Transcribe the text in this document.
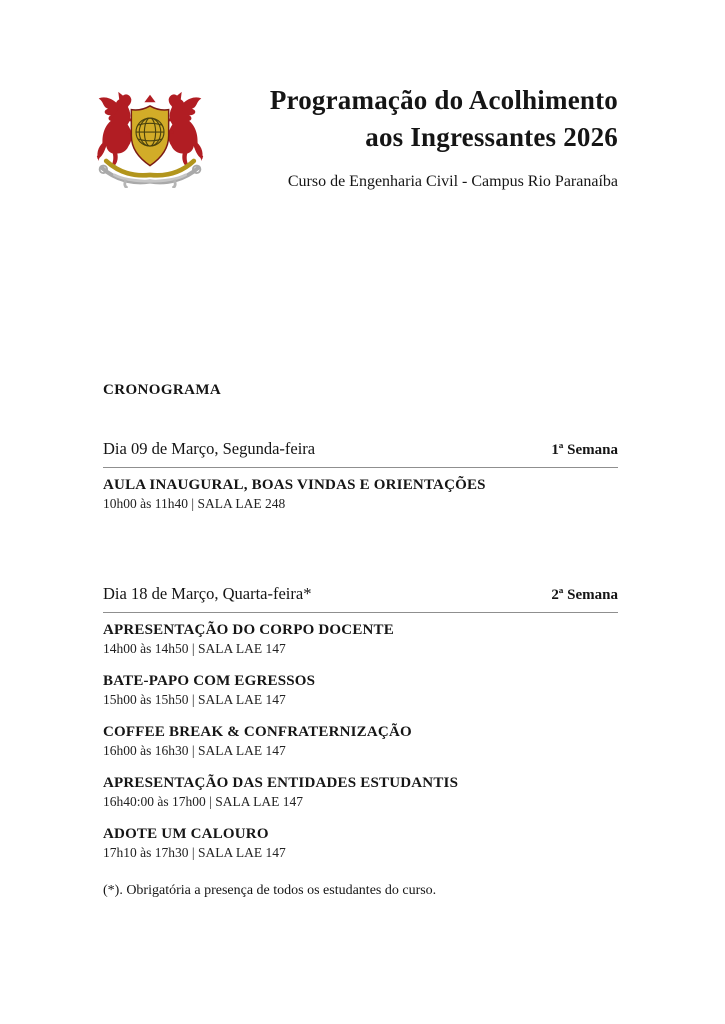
Programação do Acolhimento
aos Ingressantes 2026

Curso de Engenharia Civil - Campus Rio Paranaíba

CRONOGRAMA
Dia 09 de Março, Segunda-feira	1ª Semana
AULA INAUGURAL, BOAS VINDAS E ORIENTAÇÕES
10h00 às 11h40 | SALA LAE 248
Dia 18 de Março, Quarta-feira*	2ª Semana
APRESENTAÇÃO DO CORPO DOCENTE
14h00 às 14h50 | SALA LAE 147
BATE-PAPO COM EGRESSOS
15h00 às 15h50 | SALA LAE 147
COFFEE BREAK & CONFRATERNIZAÇÃO
16h00 às 16h30 | SALA LAE 147
APRESENTAÇÃO DAS ENTIDADES ESTUDANTIS
16h40:00 às 17h00 | SALA LAE 147
ADOTE UM CALOURO
17h10 às 17h30 | SALA LAE 147

(*). Obrigatória a presença de todos os estudantes do curso.
